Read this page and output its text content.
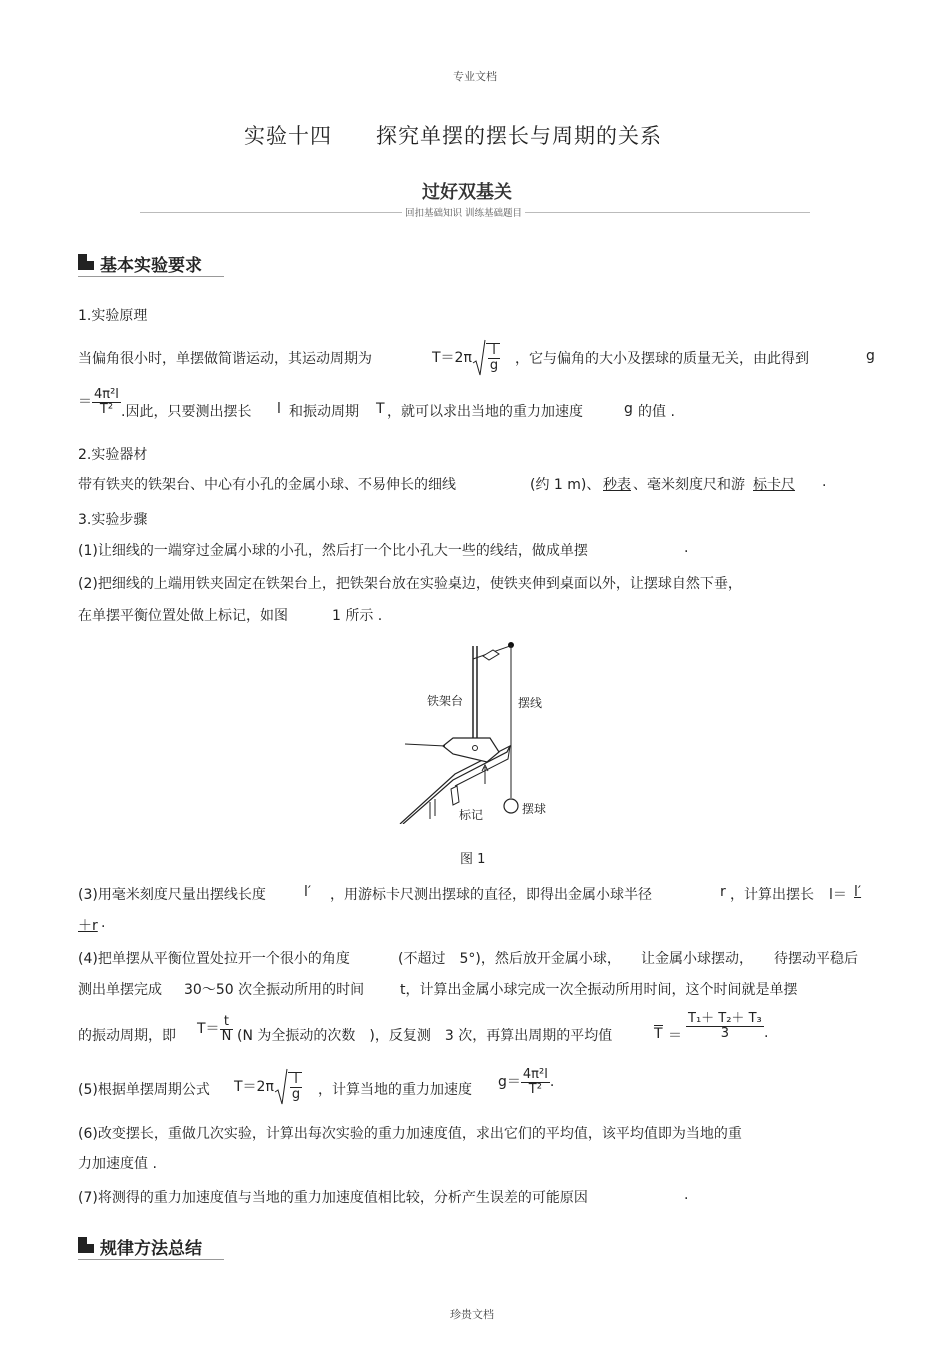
专业文档
实验十四　　探究单摆的摆长与周期的关系
过好双基关
回扣基础知识 训练基础题目
基本实验要求
1.实验原理
当偏角很小时，单摆做简谐运动，其运动周期为	$T=2\pi \frac{l}{g}$ ，它与偏角的大小及摆球的质量无关，由此得到	g
＝ $\frac{\text{4π²l}}{\text{T²}}$ .因此，只要测出摆长 l 和振动周期 T ，就可以求出当地的重力加速度	g 的值 .
2.实验器材
带有铁夹的铁架台、中心有小孔的金属小球、不易伸长的细线	(约 1 m)、 秒表 、毫米刻度尺和游 标卡尺	.
3.实验步骤
(1)让细线的一端穿过金属小球的小孔，然后打一个比小孔大一些的线结，做成单摆	.
(2)把细线的上端用铁夹固定在铁架台上，把铁架台放在实验桌边，使铁夹伸到桌面以外，让摆球自然下垂，
在单摆平衡位置处做上标记，如图	1 所示 .
铁架台	摆线
标记	摆球
图 1
(3)用毫米刻度尺量出摆线长度	l′ ，用游标卡尺测出摆球的直径，即得出金属小球半径	r ，计算出摆长 l＝ l′
＋r .
(4)把单摆从平衡位置处拉开一个很小的角度	(不超过　5°)，然后放开金属小球， 让金属小球摆动， 待摆动平稳后
测出单摆完成 30～50 次全振动所用的时间	t，计算出金属小球完成一次全振动所用时间，这个时间就是单摆
的振动周期，即 $T= \frac{t}{N} (N$ 为全振动的次数　)，反复测　3 次，再算出周期的平均值	$T = \frac{\text{T₁＋ T₂＋ T₃}}{3}$ .
(5)根据单摆周期公式 $T=2\pi \frac{l}{g}$ ，计算当地的重力加速度 $g= \frac{\text{4π²l}}{\text{T²}}$ .
(6)改变摆长，重做几次实验，计算出每次实验的重力加速度值，求出它们的平均值，该平均值即为当地的重
力加速度值 .
(7)将测得的重力加速度值与当地的重力加速度值相比较，分析产生误差的可能原因	.
规律方法总结
珍贵文档
